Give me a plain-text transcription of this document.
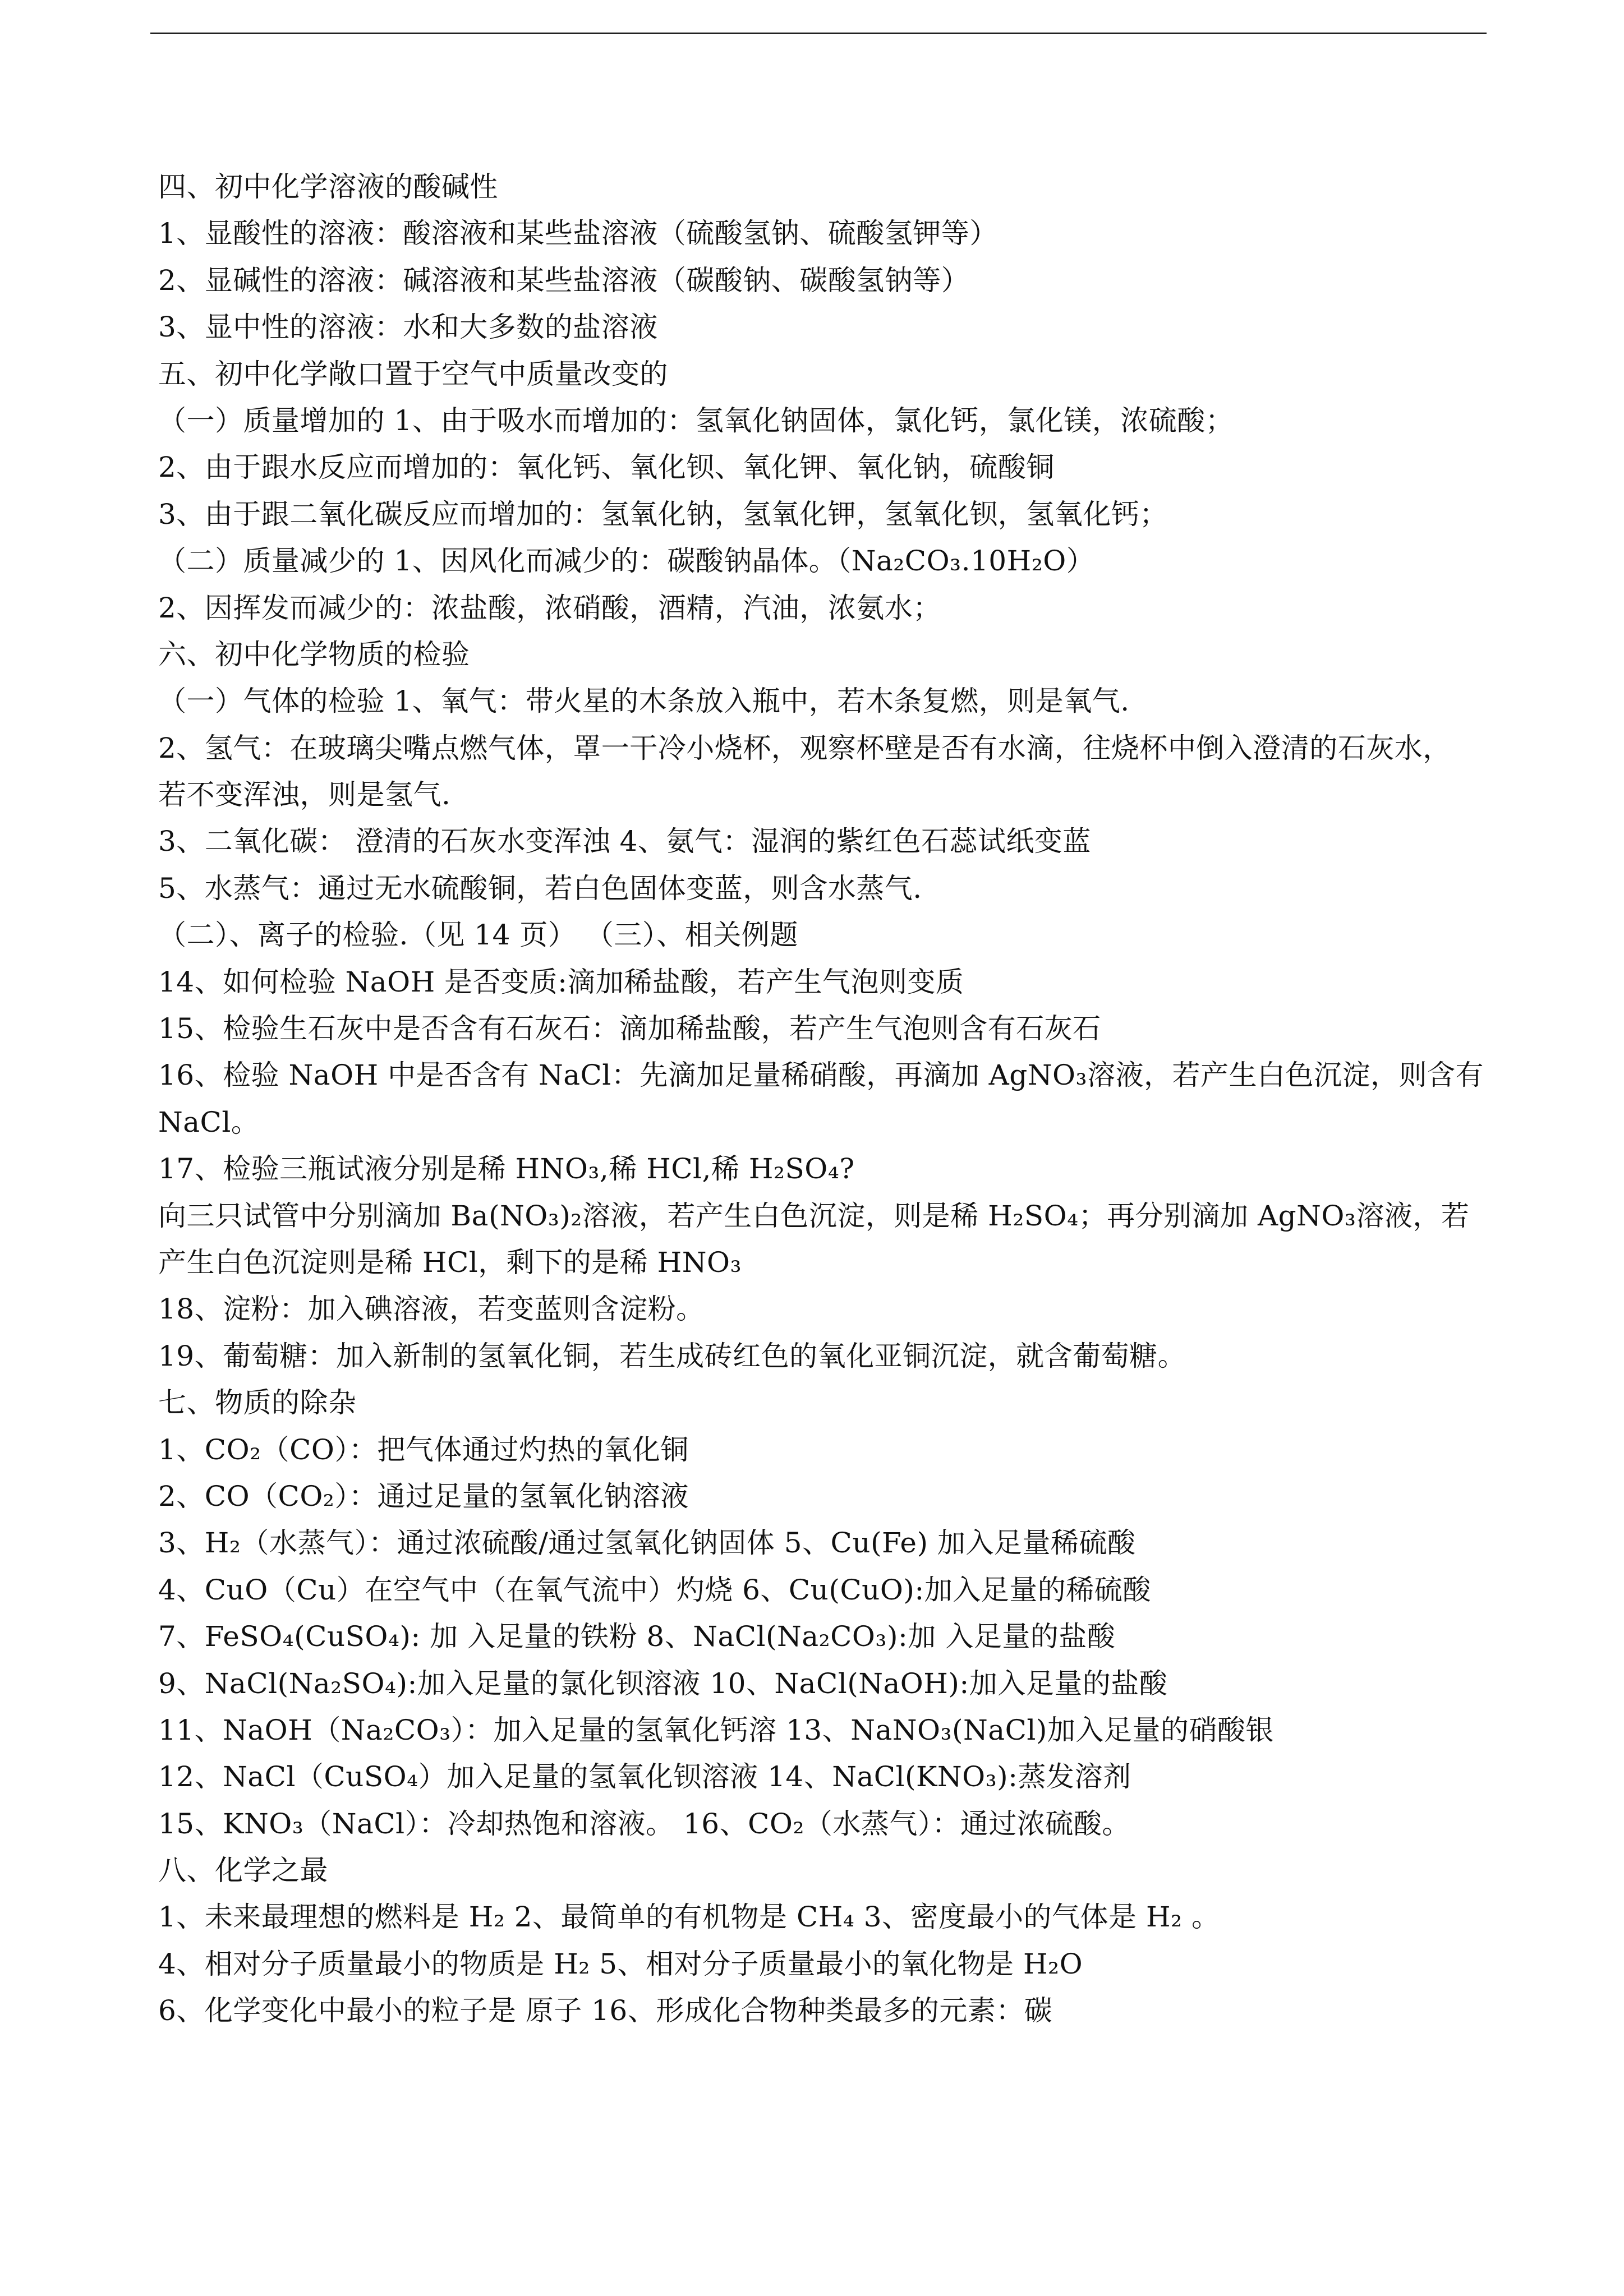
四、初中化学溶液的酸碱性
1、显酸性的溶液：酸溶液和某些盐溶液（硫酸氢钠、硫酸氢钾等）
2、显碱性的溶液：碱溶液和某些盐溶液（碳酸钠、碳酸氢钠等）
3、显中性的溶液：水和大多数的盐溶液
五、初中化学敞口置于空气中质量改变的
（一）质量增加的 1、由于吸水而增加的：氢氧化钠固体，氯化钙，氯化镁，浓硫酸；
2、由于跟水反应而增加的：氧化钙、氧化钡、氧化钾、氧化钠，硫酸铜
3、由于跟二氧化碳反应而增加的：氢氧化钠，氢氧化钾，氢氧化钡，氢氧化钙；
（二）质量减少的 1、因风化而减少的：碳酸钠晶体。（Na₂CO₃.10H₂O）
2、因挥发而减少的：浓盐酸，浓硝酸，酒精，汽油，浓氨水；
六、初中化学物质的检验
（一）气体的检验 1、氧气：带火星的木条放入瓶中，若木条复燃，则是氧气.
2、氢气：在玻璃尖嘴点燃气体，罩一干冷小烧杯，观察杯壁是否有水滴，往烧杯中倒入澄清的石灰水，
若不变浑浊，则是氢气.
3、二氧化碳： 澄清的石灰水变浑浊 4、氨气：湿润的紫红色石蕊试纸变蓝
5、水蒸气：通过无水硫酸铜，若白色固体变蓝，则含水蒸气.
（二）、离子的检验.（见 14 页） （三）、相关例题
14、如何检验 NaOH 是否变质:滴加稀盐酸，若产生气泡则变质
15、检验生石灰中是否含有石灰石：滴加稀盐酸，若产生气泡则含有石灰石
16、检验 NaOH 中是否含有 NaCl：先滴加足量稀硝酸，再滴加 AgNO₃溶液，若产生白色沉淀，则含有
NaCl。
17、检验三瓶试液分别是稀 HNO₃,稀 HCl,稀 H₂SO₄?
向三只试管中分别滴加 Ba(NO₃)₂溶液，若产生白色沉淀，则是稀 H₂SO₄；再分别滴加 AgNO₃溶液，若
产生白色沉淀则是稀 HCl，剩下的是稀 HNO₃
18、淀粉：加入碘溶液，若变蓝则含淀粉。
19、葡萄糖：加入新制的氢氧化铜，若生成砖红色的氧化亚铜沉淀，就含葡萄糖。
七、物质的除杂
1、CO₂（CO）：把气体通过灼热的氧化铜
2、CO（CO₂）：通过足量的氢氧化钠溶液
3、H₂（水蒸气）：通过浓硫酸/通过氢氧化钠固体 5、Cu(Fe) 加入足量稀硫酸
4、CuO（Cu）在空气中（在氧气流中）灼烧 6、Cu(CuO):加入足量的稀硫酸
7、FeSO₄(CuSO₄): 加 入足量的铁粉 8、NaCl(Na₂CO₃):加 入足量的盐酸
9、NaCl(Na₂SO₄):加入足量的氯化钡溶液 10、NaCl(NaOH):加入足量的盐酸
11、NaOH（Na₂CO₃）：加入足量的氢氧化钙溶 13、NaNO₃(NaCl)加入足量的硝酸银
12、NaCl（CuSO₄）加入足量的氢氧化钡溶液 14、NaCl(KNO₃):蒸发溶剂
15、KNO₃（NaCl）：冷却热饱和溶液。 16、CO₂（水蒸气）：通过浓硫酸。
八、化学之最
1、未来最理想的燃料是 H₂ 2、最简单的有机物是 CH₄ 3、密度最小的气体是 H₂ 。
4、相对分子质量最小的物质是 H₂ 5、相对分子质量最小的氧化物是 H₂O
6、化学变化中最小的粒子是 原子 16、形成化合物种类最多的元素：碳
